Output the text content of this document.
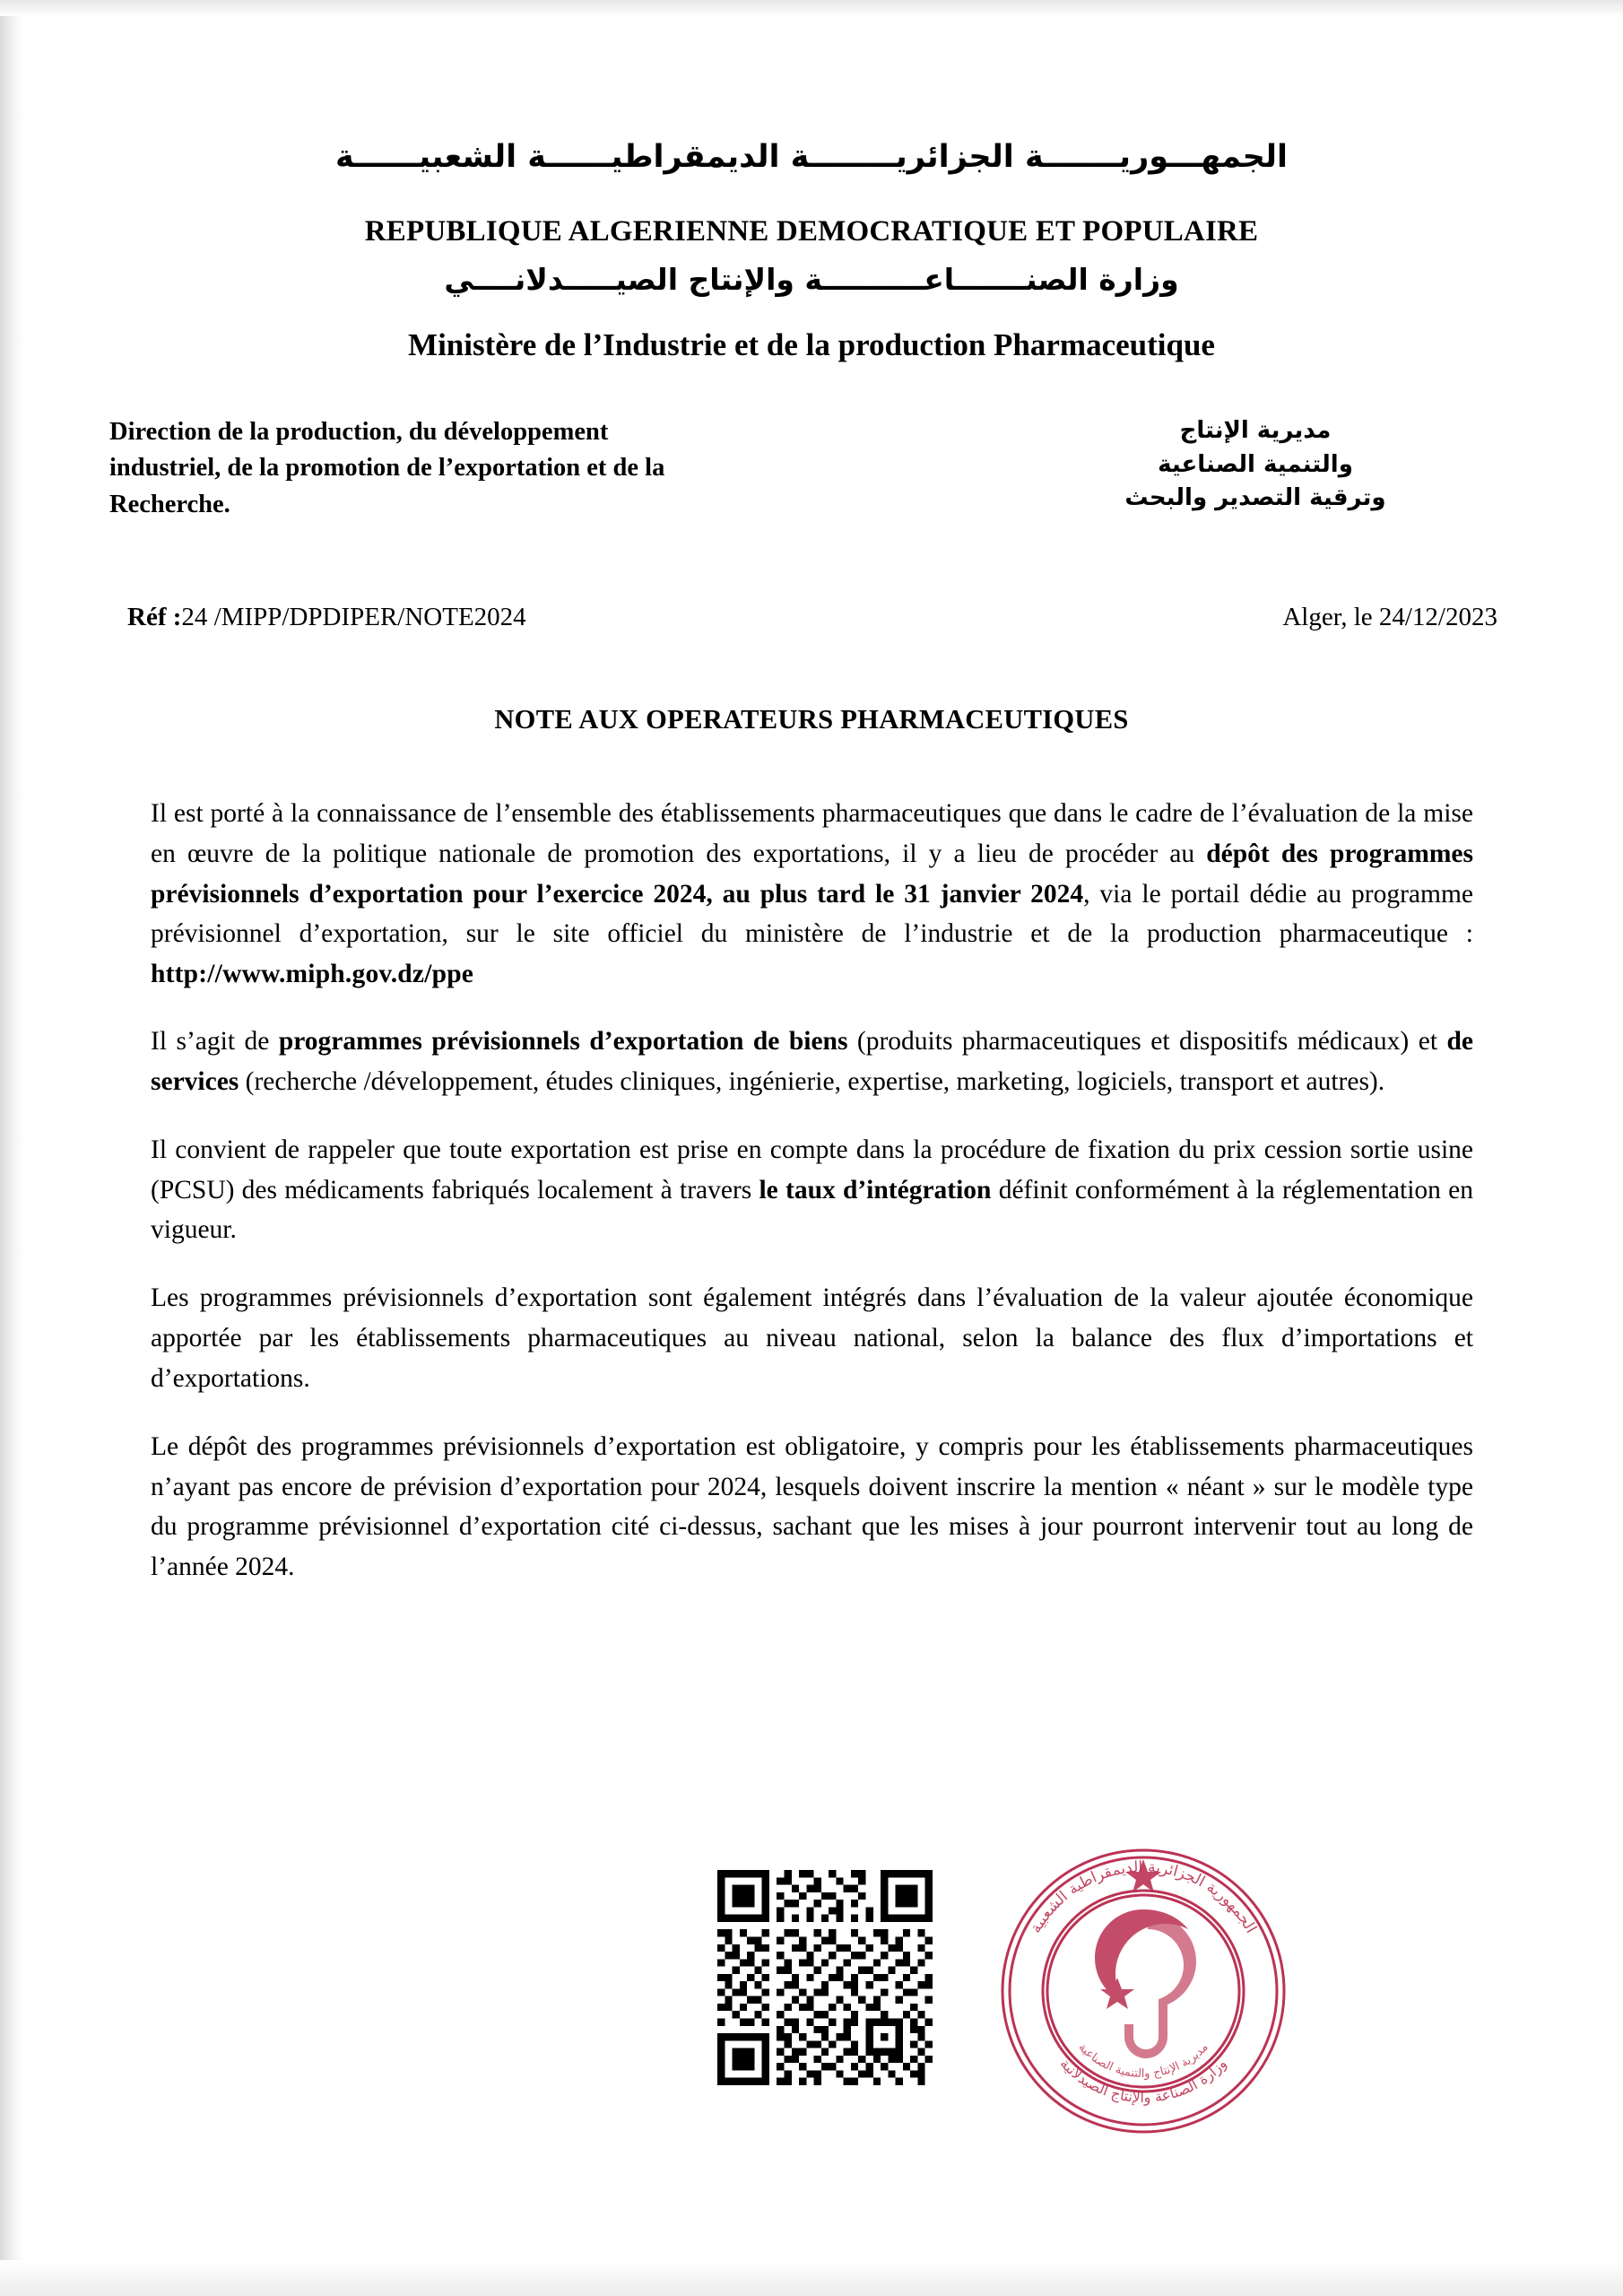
الجمهـــوريـــــــة الجزائريــــــــة الديمقراطيــــــة الشعبيــــــة
REPUBLIQUE ALGERIENNE DEMOCRATIQUE ET POPULAIRE
وزارة الصنـــــــاعــــــــــة والإنتاج الصيـــــدلانــــي
Ministère de l’Industrie et de la production Pharmaceutique
Direction de la production, du développement industriel, de la promotion de l’exportation et de la Recherche.
مديرية الإنتاج
والتنمية الصناعية
وترقية التصدير والبحث
Réf :24 /MIPP/DPDIPER/NOTE2024	Alger, le 24/12/2023
NOTE AUX OPERATEURS PHARMACEUTIQUES

Il est porté à la connaissance de l’ensemble des établissements pharmaceutiques que dans le cadre de l’évaluation de la mise en œuvre de la politique nationale de promotion des exportations, il y a lieu de procéder au dépôt des programmes prévisionnels d’exportation pour l’exercice 2024, au plus tard le 31 janvier 2024, via le portail dédie au programme prévisionnel d’exportation, sur le site officiel du ministère de l’industrie et de la production pharmaceutique : http://www.miph.gov.dz/ppe

Il s’agit de programmes prévisionnels d’exportation de biens (produits pharmaceutiques et dispositifs médicaux) et de services (recherche /développement, études cliniques, ingénierie, expertise, marketing, logiciels, transport et autres).

Il convient de rappeler que toute exportation est prise en compte dans la procédure de fixation du prix cession sortie usine (PCSU) des médicaments fabriqués localement à travers le taux d’intégration définit conformément à la réglementation en vigueur.

Les programmes prévisionnels d’exportation sont également intégrés dans l’évaluation de la valeur ajoutée économique apportée par les établissements pharmaceutiques au niveau national, selon la balance des flux d’importations et d’exportations.

Le dépôt des programmes prévisionnels d’exportation est obligatoire, y compris pour les établissements pharmaceutiques n’ayant pas encore de prévision d’exportation pour 2024, lesquels doivent inscrire la mention « néant » sur le modèle type du programme prévisionnel d’exportation cité ci-dessus, sachant que les mises à jour pourront intervenir tout au long de l’année 2024.

الجمهورية الجزائرية الديمقراطية الشعبية
وزارة الصناعة والإنتاج الصيدلانية
مديرية الإنتاج والتنمية الصناعية
